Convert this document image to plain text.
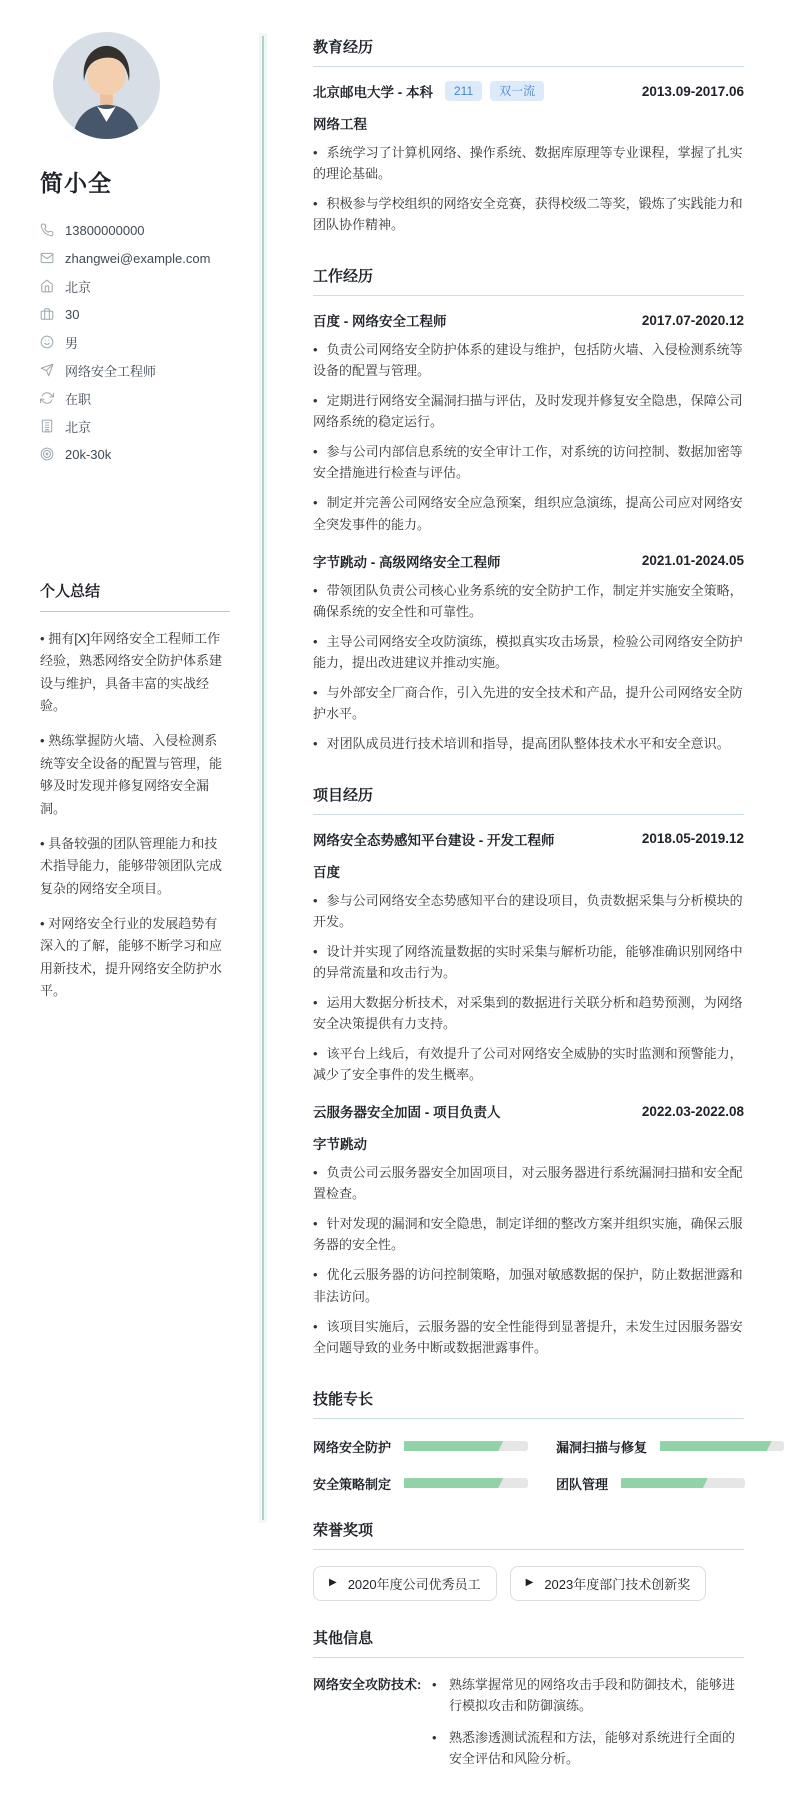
简小全
13800000000
zhangwei@example.com
北京
30
男
网络安全工程师
在职
北京
20k-30k
个人总结

• 拥有[X]年网络安全工程师工作经验，熟悉网络安全防护体系建设与维护，具备丰富的实战经验。

• 熟练掌握防火墙、入侵检测系统等安全设备的配置与管理，能够及时发现并修复网络安全漏洞。

• 具备较强的团队管理能力和技术指导能力，能够带领团队完成复杂的网络安全项目。

• 对网络安全行业的发展趋势有深入的了解，能够不断学习和应用新技术，提升网络安全防护水平。

教育经历
北京邮电大学 - 本科	211	双一流	2013.09-2017.06
网络工程

• 系统学习了计算机网络、操作系统、数据库原理等专业课程，掌握了扎实的理论基础。

• 积极参与学校组织的网络安全竞赛，获得校级二等奖，锻炼了实践能力和团队协作精神。

工作经历
百度 - 网络安全工程师	2017.07-2020.12

• 负责公司网络安全防护体系的建设与维护，包括防火墙、入侵检测系统等设备的配置与管理。

• 定期进行网络安全漏洞扫描与评估，及时发现并修复安全隐患，保障公司网络系统的稳定运行。

• 参与公司内部信息系统的安全审计工作，对系统的访问控制、数据加密等安全措施进行检查与评估。

• 制定并完善公司网络安全应急预案，组织应急演练，提高公司应对网络安全突发事件的能力。

字节跳动 - 高级网络安全工程师	2021.01-2024.05

• 带领团队负责公司核心业务系统的安全防护工作，制定并实施安全策略，确保系统的安全性和可靠性。

• 主导公司网络安全攻防演练，模拟真实攻击场景，检验公司网络安全防护能力，提出改进建议并推动实施。

• 与外部安全厂商合作，引入先进的安全技术和产品，提升公司网络安全防护水平。

• 对团队成员进行技术培训和指导，提高团队整体技术水平和安全意识。

项目经历
网络安全态势感知平台建设 - 开发工程师	2018.05-2019.12
百度

• 参与公司网络安全态势感知平台的建设项目，负责数据采集与分析模块的开发。

• 设计并实现了网络流量数据的实时采集与解析功能，能够准确识别网络中的异常流量和攻击行为。

• 运用大数据分析技术，对采集到的数据进行关联分析和趋势预测，为网络安全决策提供有力支持。

• 该平台上线后，有效提升了公司对网络安全威胁的实时监测和预警能力，减少了安全事件的发生概率。

云服务器安全加固 - 项目负责人	2022.03-2022.08
字节跳动

• 负责公司云服务器安全加固项目，对云服务器进行系统漏洞扫描和安全配置检查。

• 针对发现的漏洞和安全隐患，制定详细的整改方案并组织实施，确保云服务器的安全性。

• 优化云服务器的访问控制策略，加强对敏感数据的保护，防止数据泄露和非法访问。

• 该项目实施后，云服务器的安全性能得到显著提升，未发生过因服务器安全问题导致的业务中断或数据泄露事件。

技能专长
网络安全防护	漏洞扫描与修复
安全策略制定	团队管理
荣誉奖项
▶
2020年度公司优秀员工 ▶	2023年度部门技术创新奖
其他信息
网络安全攻防技术: •	熟练掌握常见的网络攻击手段和防御技术，能够进行模拟攻击和防御演练。

•
熟悉渗透测试流程和方法，能够对系统进行全面的安全评估和风险分析。
